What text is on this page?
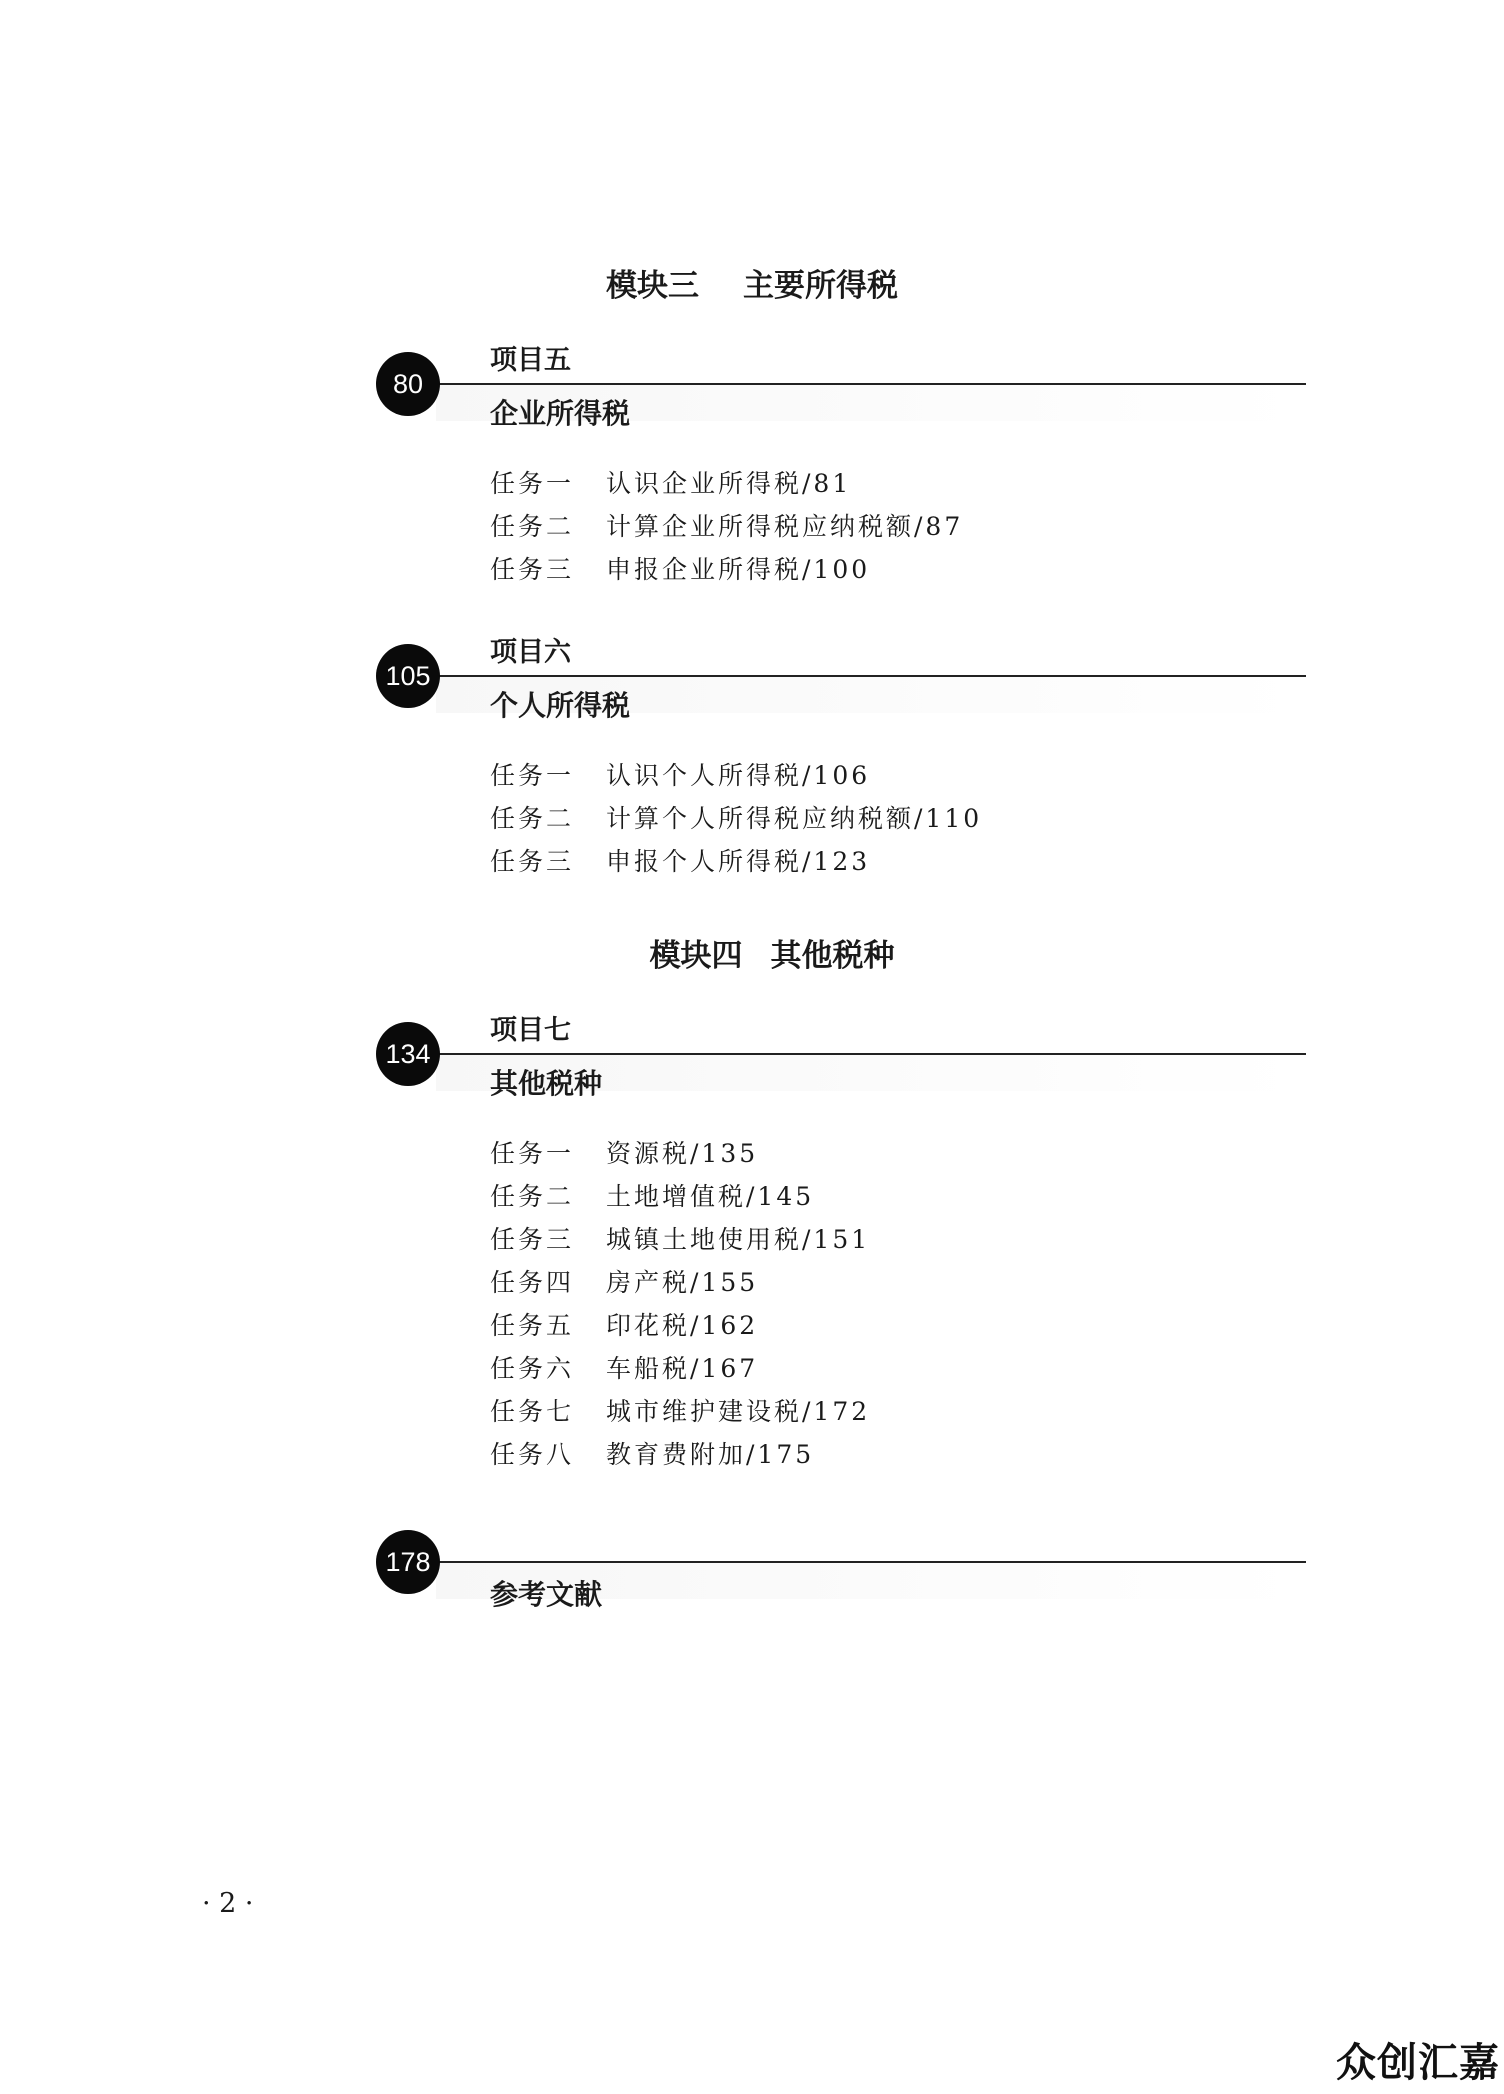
模块三 主要所得税
80
项目五
企业所得税
任务一 认识企业所得税/81
任务二 计算企业所得税应纳税额/87
任务三 申报企业所得税/100
105
项目六
个人所得税
任务一 认识个人所得税/106
任务二 计算个人所得税应纳税额/110
任务三 申报个人所得税/123
模块四 其他税种
134
项目七
其他税种
任务一 资源税/135
任务二 土地增值税/145
任务三 城镇土地使用税/151
任务四 房产税/155
任务五 印花税/162
任务六 车船税/167
任务七 城市维护建设税/172
任务八 教育费附加/175
178
参考文献
· 2 ·
众创汇嘉
